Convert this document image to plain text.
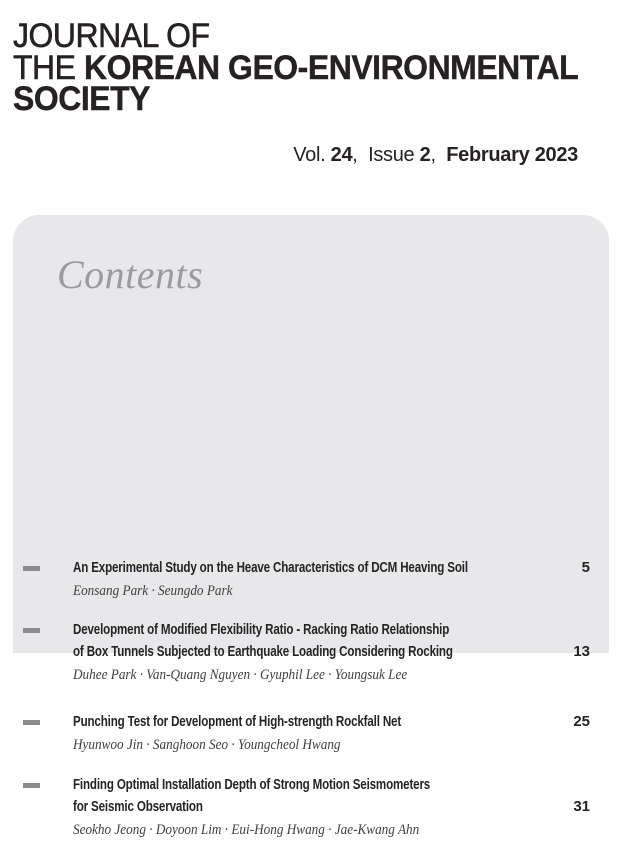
JOURNAL OF
THE KOREAN GEO-ENVIRONMENTAL
SOCIETY
Vol. 24,  Issue 2,  February 2023
Contents
An Experimental Study on the Heave Characteristics of DCM Heaving Soil
Eonsang Park · Seungdo Park
5
Development of Modified Flexibility Ratio - Racking Ratio Relationship
of Box Tunnels Subjected to Earthquake Loading Considering Rocking
Duhee Park · Van-Quang Nguyen · Gyuphil Lee · Youngsuk Lee
13
Punching Test for Development of High-strength Rockfall Net
Hyunwoo Jin · Sanghoon Seo · Youngcheol Hwang
25
Finding Optimal Installation Depth of Strong Motion Seismometers
for Seismic Observation
Seokho Jeong · Doyoon Lim · Eui-Hong Hwang · Jae-Kwang Ahn
31
